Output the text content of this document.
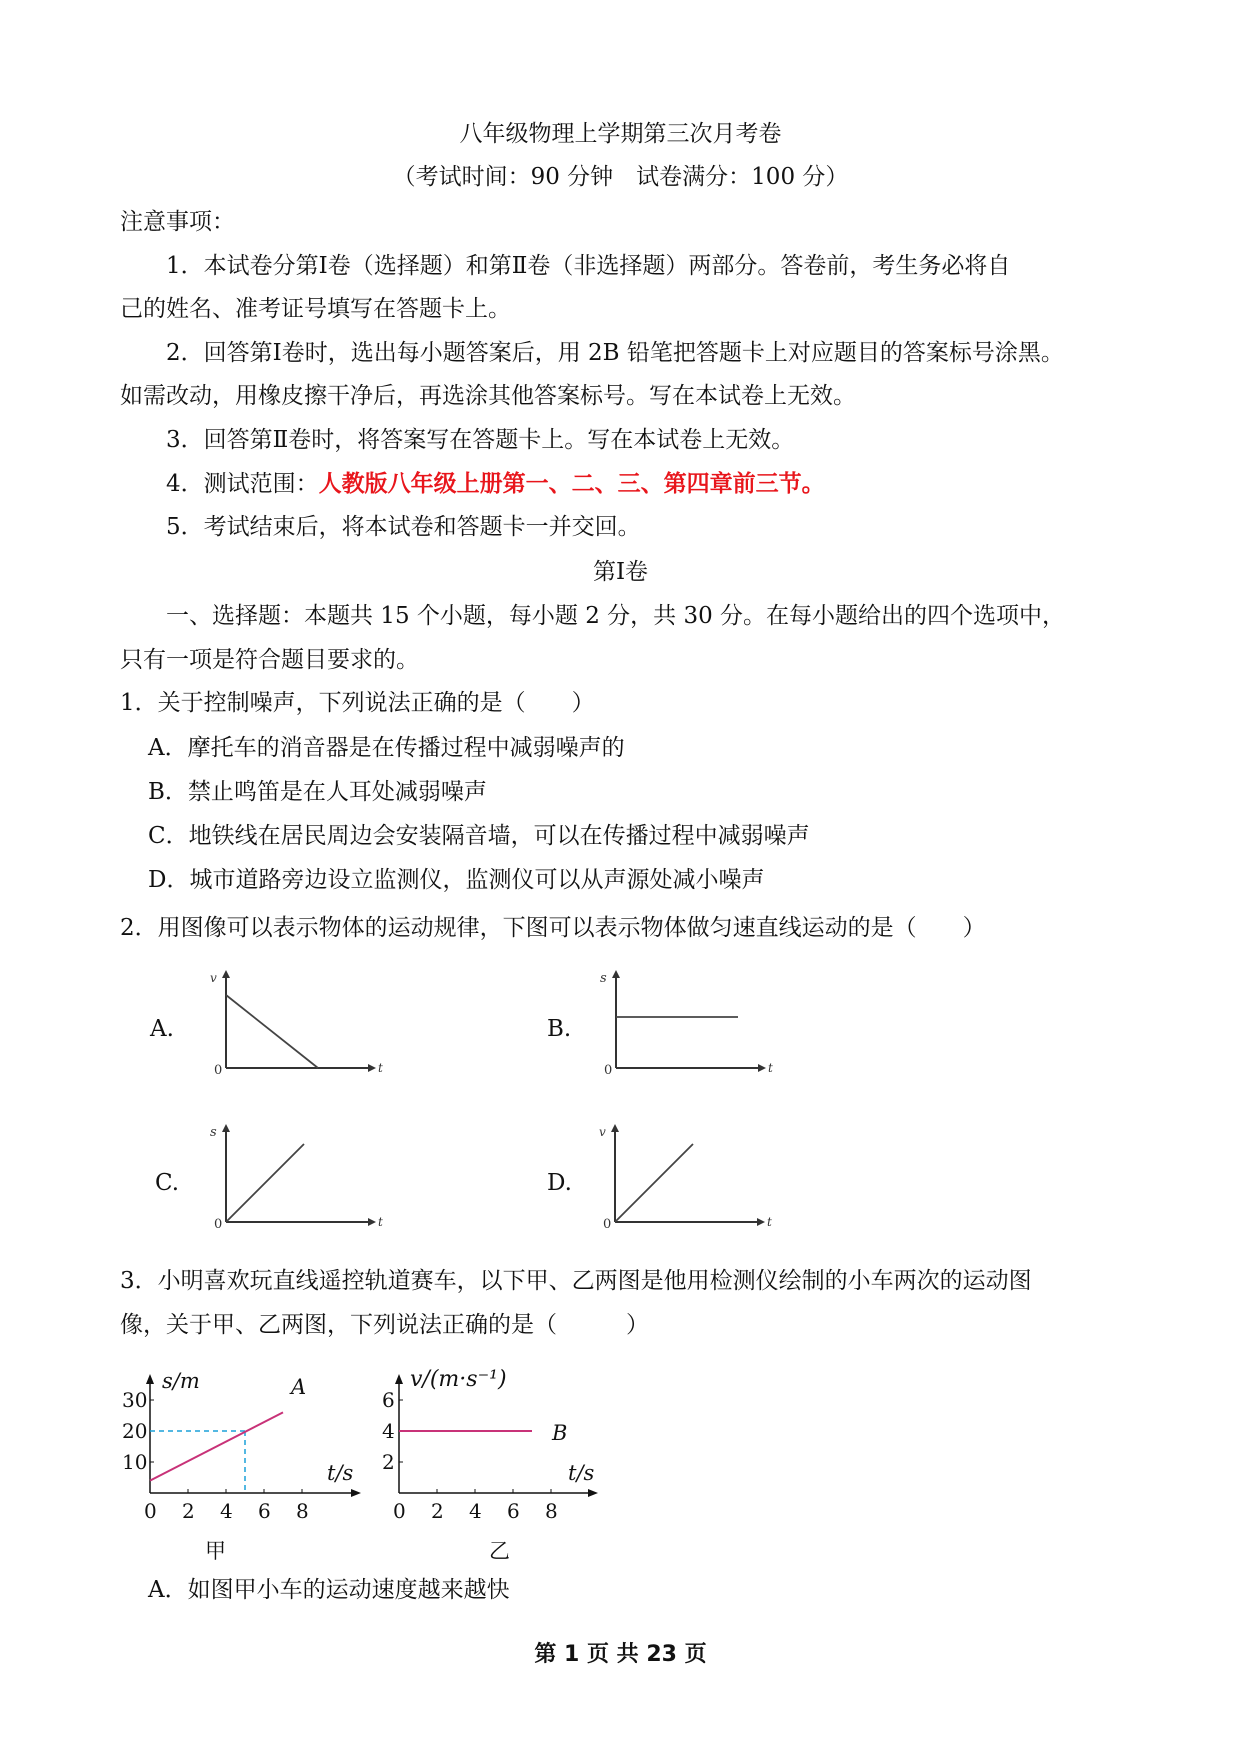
八年级物理上学期第三次月考卷
（考试时间：90 分钟　试卷满分：100 分）
注意事项：
1．本试卷分第Ⅰ卷（选择题）和第Ⅱ卷（非选择题）两部分。答卷前，考生务必将自
己的姓名、准考证号填写在答题卡上。
2．回答第Ⅰ卷时，选出每小题答案后，用 2B 铅笔把答题卡上对应题目的答案标号涂黑。
如需改动，用橡皮擦干净后，再选涂其他答案标号。写在本试卷上无效。
3．回答第Ⅱ卷时，将答案写在答题卡上。写在本试卷上无效。
4．测试范围：人教版八年级上册第一、二、三、第四章前三节。
5．考试结束后，将本试卷和答题卡一并交回。
第Ⅰ卷
一、选择题：本题共 15 个小题，每小题 2 分，共 30 分。在每小题给出的四个选项中，
只有一项是符合题目要求的。
1．关于控制噪声，下列说法正确的是（　　）
A．摩托车的消音器是在传播过程中减弱噪声的
B．禁止鸣笛是在人耳处减弱噪声
C．地铁线在居民周边会安装隔音墙，可以在传播过程中减弱噪声
D．城市道路旁边设立监测仪，监测仪可以从声源处减小噪声
2．用图像可以表示物体的运动规律，下图可以表示物体做匀速直线运动的是（　　）
A.
v
t
0
B.
s
t
0
C.
s
t
0
D.
v
t
0
3．小明喜欢玩直线遥控轨道赛车，以下甲、乙两图是他用检测仪绘制的小车两次的运动图
像，关于甲、乙两图，下列说法正确的是（　　　）
0 2 4 6 8
10
20
30
s/m
t/s
A
甲
0 2 4 6 8
2
4
6
v/(m·s⁻¹)
t/s
B
乙
A．如图甲小车的运动速度越来越快
第 1 页 共 23 页
